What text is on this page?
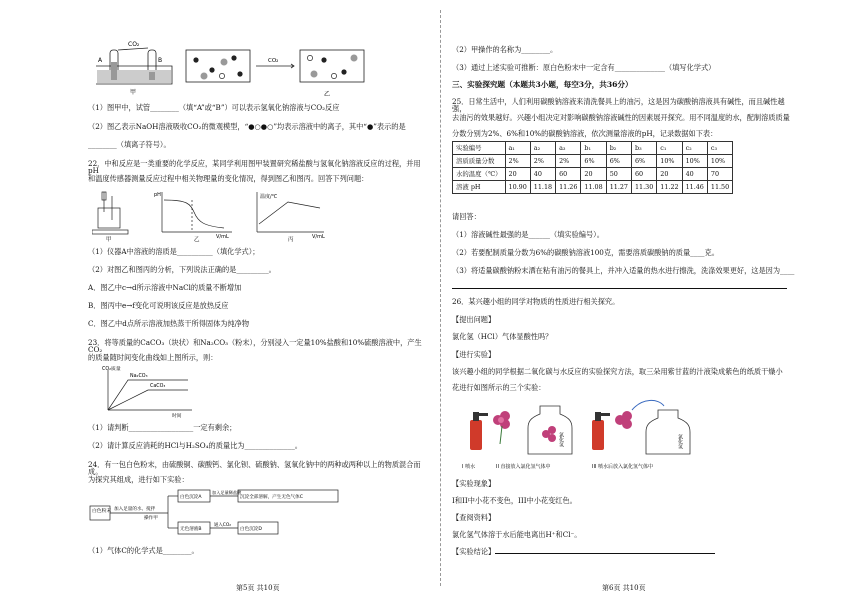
CO₂
A	B
甲
CO₂
乙
（1）图甲中，试管________（填“A”或“B”）可以表示氢氧化钠溶液与CO₂反应
（2）图乙表示NaOH溶液吸收CO₂的微观模型，“●○●○”均表示溶液中的离子，其中“●”表示的是
________（填离子符号）。
22．中和反应是一类重要的化学反应，某同学利用图甲装置研究稀盐酸与氢氧化钠溶液反应的过程，并用pH
和温度传感器测量反应过程中相关物理量的变化情况，得到图乙和图丙。回答下列问题：
甲
pH
V/mL
乙
温度/℃
V/mL
丙
（1）仪器A中溶液的溶质是__________（填化学式）；
（2）对图乙和图丙的分析，下列说法正确的是_________。
A．图乙中c→d所示溶液中NaCl的质量不断增加
B．图丙中e→f变化可说明该反应是放热反应
C．图乙中d点所示溶液加热蒸干所得固体为纯净物
23．将等质量的CaCO₃（块状）和Na₂CO₃（粉末），分别浸入一定量10%盐酸和10%硫酸溶液中，产生CO₂
的质量随时间变化曲线如上图所示，则：
CO₂质量
Na₂CO₃
CaCO₃
时间
（1）请判断__________________一定有剩余；
（2）请计算反应消耗的HCl与H₂SO₄的质量比为______________。
24．有一包白色粉末，由硫酸铜、碳酸钙、氯化钡、硫酸钠、氢氧化钠中的两种或两种以上的物质混合而成。
为探究其组成，进行如下实验：
白色粉末 加入足量的水、搅拌
操作甲
白色沉淀A
加入足量稀盐酸
沉淀全部溶解，产生无色气体C
无色溶液B
通入CO₂
白色沉淀D
（1）气体C的化学式是________。
第5页 共10页
（2）甲操作的名称为________。
（3）通过上述实验可推断：原白色粉末中一定含有______________（填写化学式）
三、实验探究题（本题共3小题，每空3分，共36分）
25．日常生活中，人们利用碳酸钠溶液来清洗餐具上的油污，这是因为碳酸钠溶液具有碱性，而且碱性越强，
去油污的效果越好。兴趣小组决定对影响碳酸钠溶液碱性的因素展开探究。用不同温度的水，配制溶质质量
分数分别为2%、6%和10%的碳酸钠溶液，依次测量溶液的pH，记录数据如下表：
实验编号	a₁	a₂	a₃	b₁	b₂	b₃	c₁	c₂	c₃
溶质质量分数	2%	2%	2%	6%	6%	6%	10%	10%	10%
水的温度（℃）	20	40	60	20	50	60	20	40	70
溶液 pH	10.90	11.18	11.26	11.08	11.27	11.30	11.22	11.46	11.50
请回答：
（1）溶液碱性最强的是______（填实验编号）。
（2）若要配制质量分数为6%的碳酸钠溶液100克，需要溶质碳酸钠的质量____克。
（3）将适量碳酸钠粉末洒在粘有油污的餐具上，并冲入适量的热水进行擦洗，洗涤效果更好，这是因为____
26．某兴趣小组的同学对物质的性质进行相关探究。
【提出问题】
氯化氢（HCl）气体显酸性吗？
【进行实验】
该兴趣小组的同学根据二氧化碳与水反应的实验探究方法，取三朵用紫甘蓝的汁液染成紫色的纸质干燥小
花进行如图所示的三个实验：
氯化氢	氯化氢
I 喷水	II 直接放入氯化氢气体中	III 喷水后放入氯化氢气体中
【实验现象】
I和II中小花不变色，III中小花变红色。
【查阅资料】
氯化氢气体溶于水后能电离出H⁺和Cl⁻。
【实验结论】
第6页 共10页
